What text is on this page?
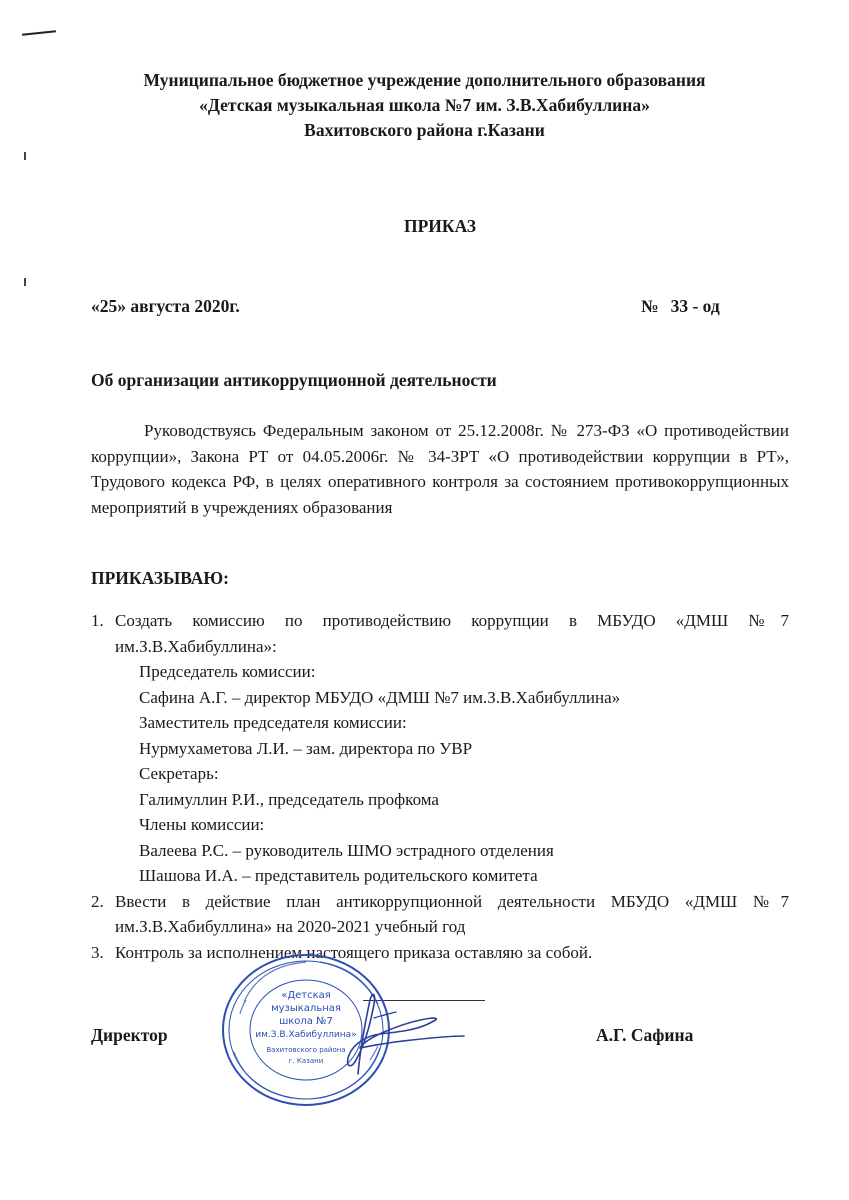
Муниципальное бюджетное учреждение дополнительного образования
«Детская музыкальная школа №7 им. З.В.Хабибуллина»
Вахитовского района г.Казани
ПРИКАЗ
«25» августа 2020г.	№ 33 - од
Об организации антикоррупционной деятельности
Руководствуясь Федеральным законом от 25.12.2008г. № 273-ФЗ «О противодействии коррупции», Закона РТ от 04.05.2006г. № 34-ЗРТ «О противодействии коррупции в РТ», Трудового кодекса РФ, в целях оперативного контроля за состоянием противокоррупционных мероприятий в учреждениях образования
ПРИКАЗЫВАЮ:
1. Создать комиссию по противодействию коррупции в МБУДО «ДМШ №7 им.З.В.Хабибуллина»:
Председатель комиссии:
Сафина А.Г. – директор МБУДО «ДМШ №7 им.З.В.Хабибуллина»
Заместитель председателя комиссии:
Нурмухаметова Л.И. – зам. директора по УВР
Секретарь:
Галимуллин Р.И., председатель профкома
Члены комиссии:
Валеева Р.С. – руководитель ШМО эстрадного отделения
Шашова И.А. – представитель родительского комитета
2. Ввести в действие план антикоррупционной деятельности МБУДО «ДМШ №7 им.З.В.Хабибуллина» на 2020-2021 учебный год
3. Контроль за исполнением настоящего приказа оставляю за собой.
Директор	А.Г. Сафина
«Детская
музыкальная
школа №7
им.З.В.Хабибуллина»
Вахитовского района
г. Казани
